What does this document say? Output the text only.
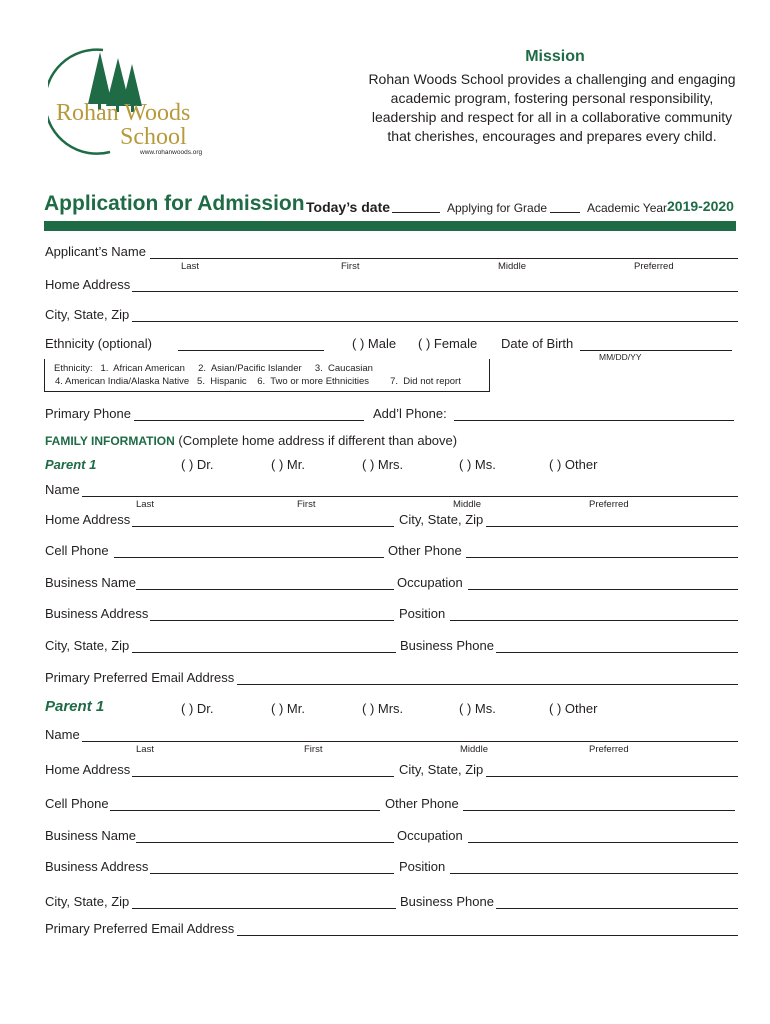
Rohan Woods
School
www.rohanwoods.org
Mission
Rohan Woods School provides a challenging and engaging
academic program, fostering personal responsibility,
leadership and respect for all in a collaborative community
that cherishes, encourages and prepares every child.
Application for Admission Today’s date	Applying for Grade	Academic Year 2019-2020
Applicant’s Name
Last	First	Middle	Preferred
Home Address
City, State, Zip
Ethnicity (optional)	( ) Male ( ) Female Date of Birth
MM/DD/YY
Ethnicity:   1.  African American     2.  Asian/Pacific Islander     3.  Caucasian
4. American India/Alaska Native   5.  Hispanic    6.  Two or more Ethnicities        7.  Did not report
Primary Phone	Add’l Phone:
FAMILY INFORMATION (Complete home address if different than above)
Parent 1	( ) Dr.	( ) Mr.	( ) Mrs.	( ) Ms.	( ) Other
Name
Last	First	Middle	Preferred
Home Address	City, State, Zip
Cell Phone	Other Phone
Business Name	Occupation
Business Address	Position
City, State, Zip	Business Phone
Primary Preferred Email Address
Parent 1	( ) Dr.	( ) Mr.	( ) Mrs.	( ) Ms.	( ) Other
Name
Last	First	Middle	Preferred
Home Address	City, State, Zip
Cell Phone	Other Phone
Business Name	Occupation
Business Address	Position
City, State, Zip	Business Phone
Primary Preferred Email Address
